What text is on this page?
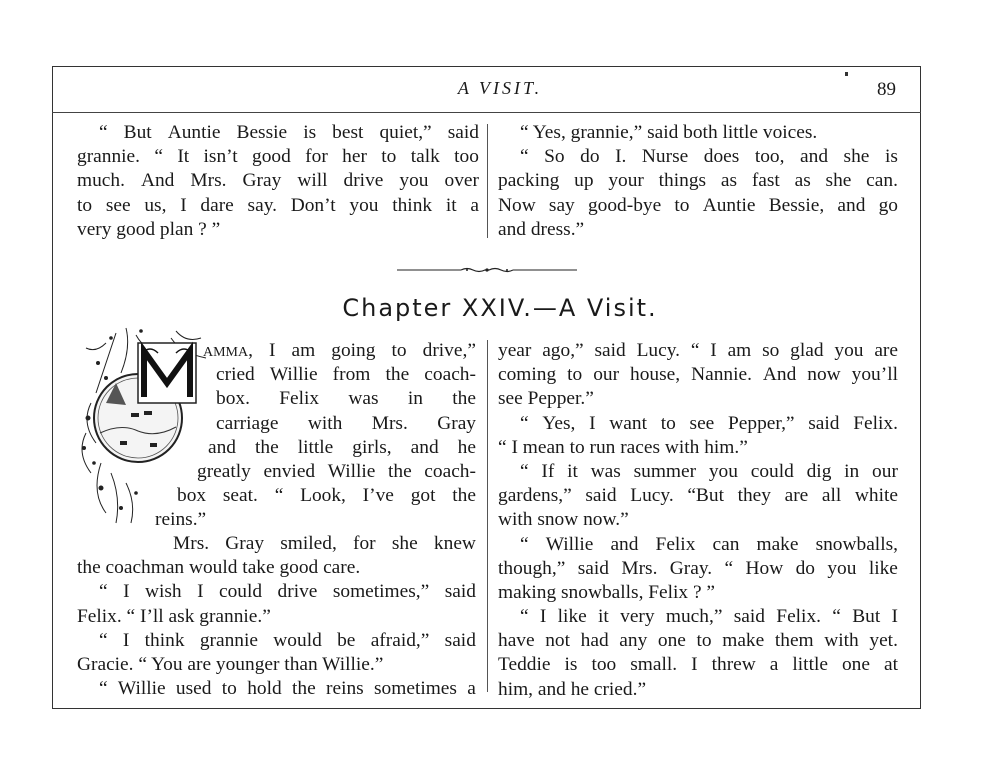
A VISIT.	89
“ But Auntie Bessie is best quiet,” said
grannie. “ It isn’t good for her to talk too
much. And Mrs. Gray will drive you over
to see us, I dare say. Don’t you think it a
very good plan ? ”
“ Yes, grannie,” said both little voices.
“ So do I. Nurse does too, and she is
packing up your things as fast as she can.
Now say good-bye to Auntie Bessie, and go
and dress.”
Chapter XXIV.—A Visit.
amma, I am going to drive,”
cried Willie from the coach-
box. Felix was in the
carriage with Mrs. Gray
and the little girls, and he
greatly envied Willie the coach-
box seat. “ Look, I’ve got the
reins.”
Mrs. Gray smiled, for she knew
the coachman would take good care.
“ I wish I could drive sometimes,” said
Felix. “ I’ll ask grannie.”
“ I think grannie would be afraid,” said
Gracie. “ You are younger than Willie.”
“ Willie used to hold the reins sometimes a
year ago,” said Lucy. “ I am so glad you are
coming to our house, Nannie. And now you’ll
see Pepper.”
“ Yes, I want to see Pepper,” said Felix.
“ I mean to run races with him.”
“ If it was summer you could dig in our
gardens,” said Lucy. “But they are all white
with snow now.”
“ Willie and Felix can make snowballs,
though,” said Mrs. Gray. “ How do you like
making snowballs, Felix ? ”
“ I like it very much,” said Felix. “ But I
have not had any one to make them with yet.
Teddie is too small. I threw a little one at
him, and he cried.”
